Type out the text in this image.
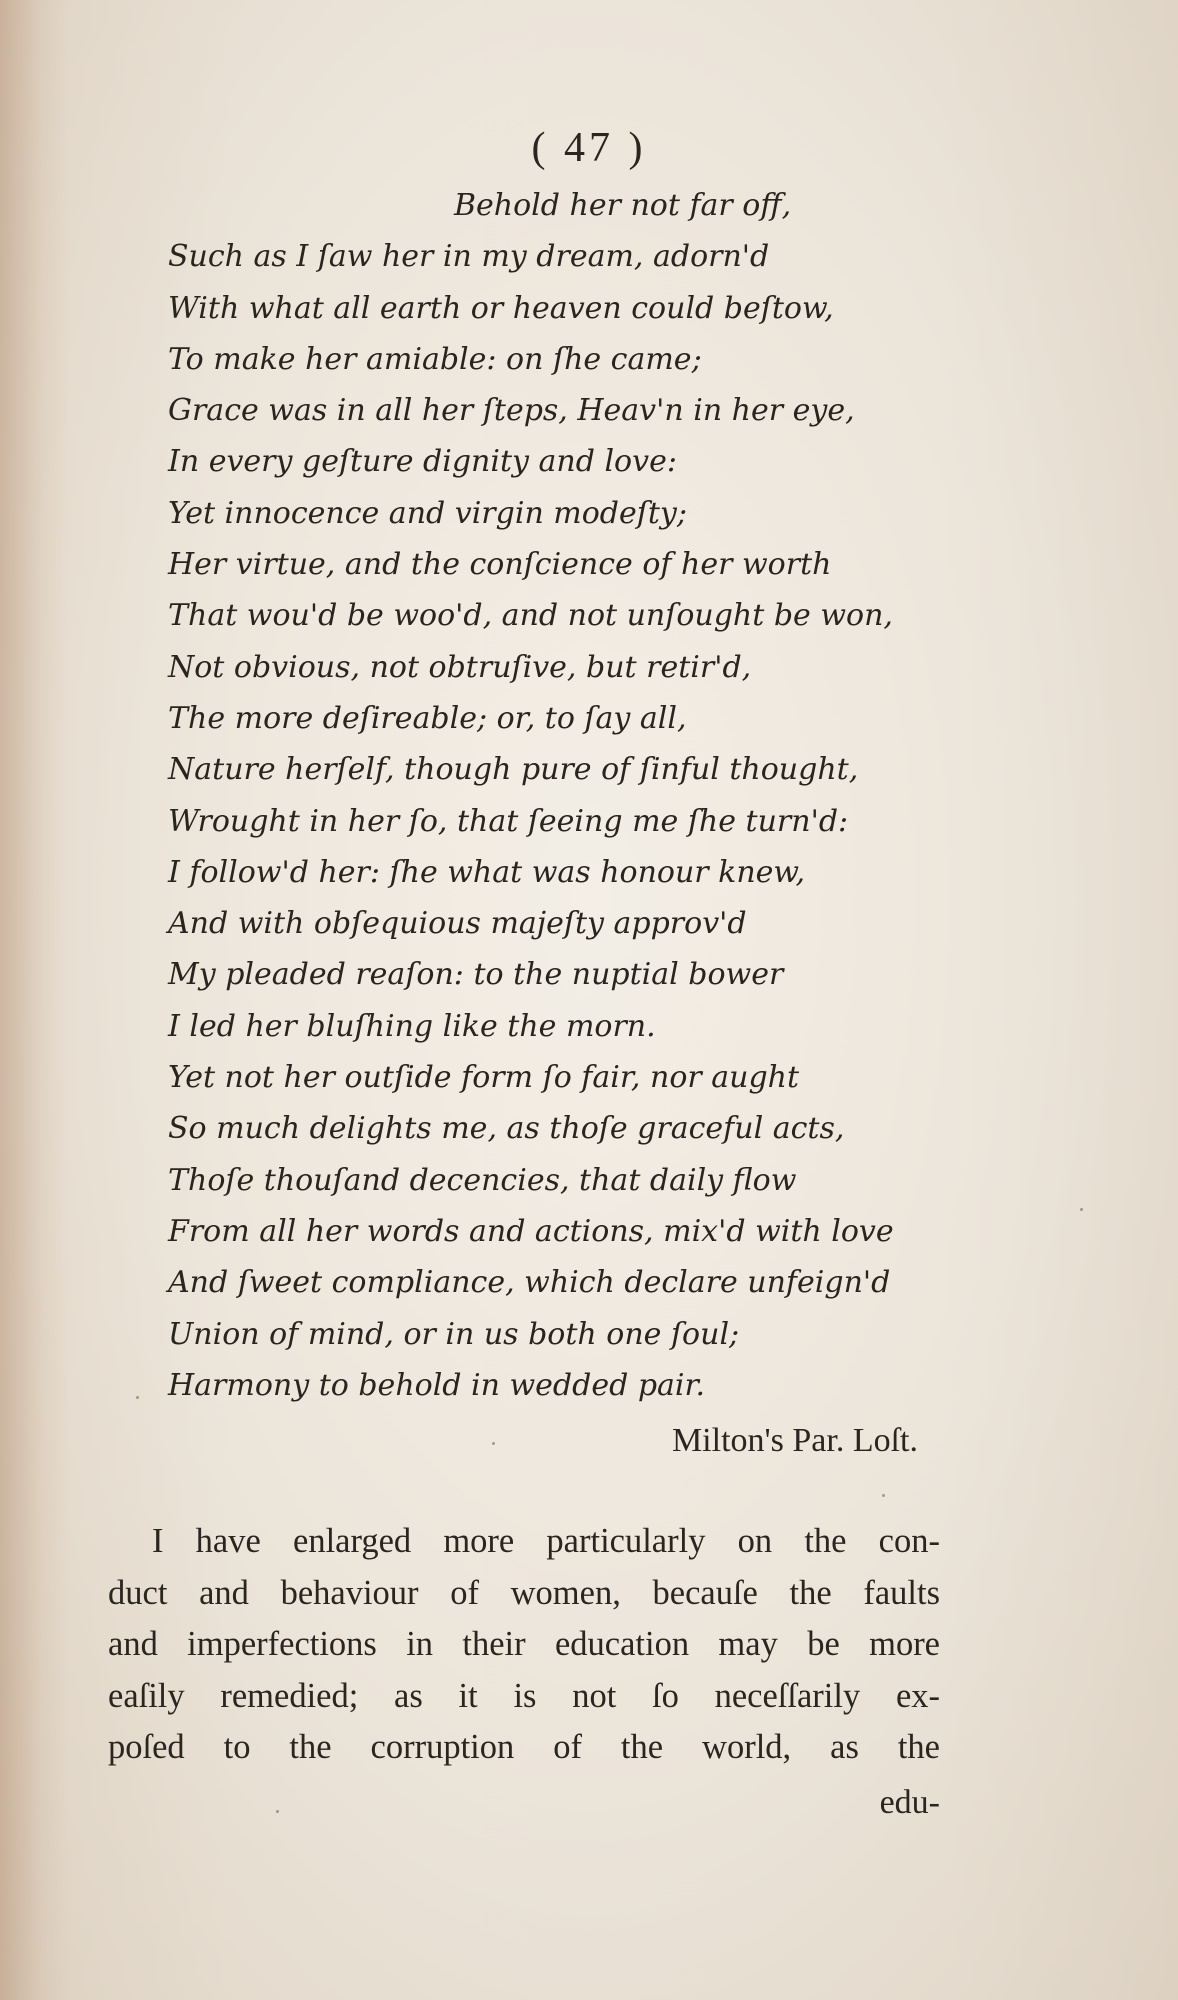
( 47 )
Behold her not far off,
Such as I ſaw her in my dream, adorn'd
With what all earth or heaven could beſtow,
To make her amiable: on ſhe came;
Grace was in all her ſteps, Heav'n in her eye,
In every geſture dignity and love:
Yet innocence and virgin modeſty;
Her virtue, and the conſcience of her worth
That wou'd be woo'd, and not unſought be won,
Not obvious, not obtruſive, but retir'd,
The more deſireable; or, to ſay all,
Nature herſelf, though pure of ſinful thought,
Wrought in her ſo, that ſeeing me ſhe turn'd:
I follow'd her: ſhe what was honour knew,
And with obſequious majeſty approv'd
My pleaded reaſon: to the nuptial bower
I led her bluſhing like the morn.
Yet not her outſide form ſo fair, nor aught
So much delights me, as thoſe graceful acts,
Thoſe thouſand decencies, that daily flow
From all her words and actions, mix'd with love
And ſweet compliance, which declare unfeign'd
Union of mind, or in us both one ſoul;
Harmony to behold in wedded pair.
Milton's Par. Loſt.
I have enlarged more particularly on the con-
duct and behaviour of women, becauſe the faults
and imperfections in their education may be more
eaſily remedied; as it is not ſo neceſſarily ex-
poſed to the corruption of the world, as the
edu-
